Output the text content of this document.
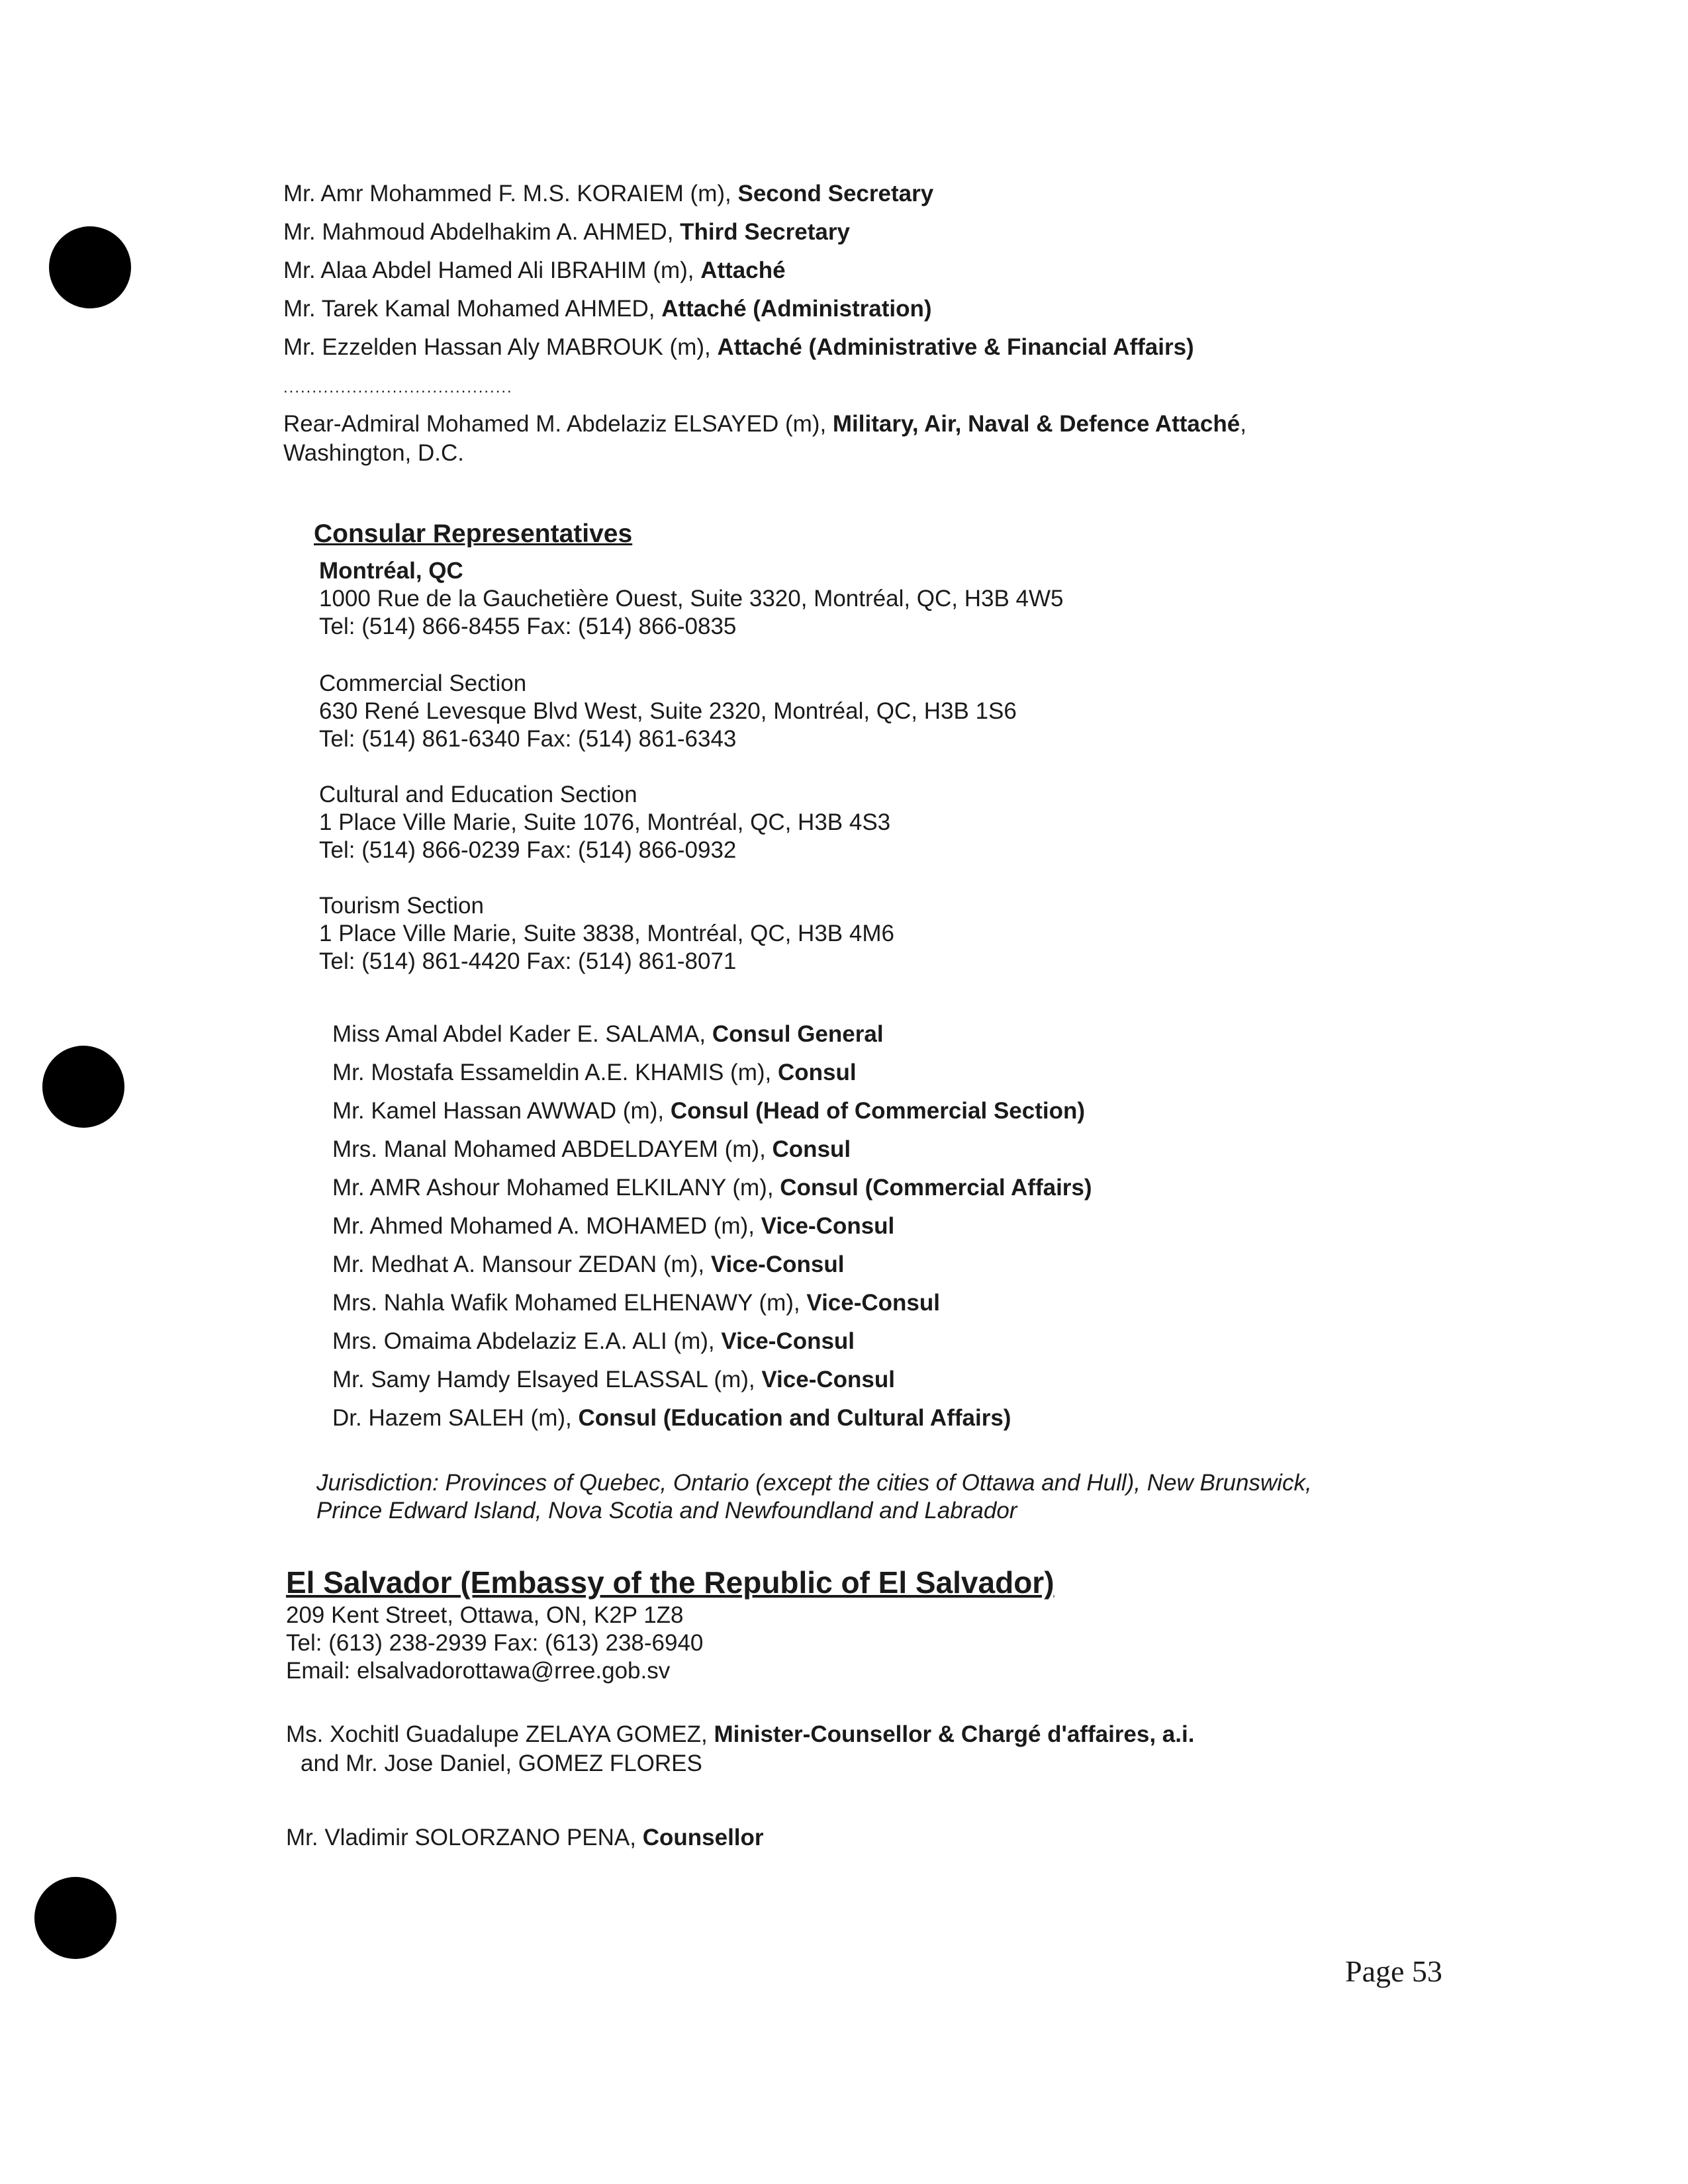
Mr. Amr Mohammed F. M.S. KORAIEM (m), Second Secretary
Mr. Mahmoud Abdelhakim A. AHMED, Third Secretary
Mr. Alaa Abdel Hamed Ali IBRAHIM (m), Attaché
Mr. Tarek Kamal Mohamed AHMED, Attaché (Administration)
Mr. Ezzelden Hassan Aly MABROUK (m), Attaché (Administrative & Financial Affairs)
........................................
Rear-Admiral Mohamed M. Abdelaziz ELSAYED (m), Military, Air, Naval & Defence Attaché,
Washington, D.C.
Consular Representatives
Montréal, QC
1000 Rue de la Gauchetière Ouest, Suite 3320, Montréal, QC, H3B 4W5
Tel: (514) 866-8455 Fax: (514) 866-0835
Commercial Section
630 René Levesque Blvd West, Suite 2320, Montréal, QC, H3B 1S6
Tel: (514) 861-6340 Fax: (514) 861-6343
Cultural and Education Section
1 Place Ville Marie, Suite 1076, Montréal, QC, H3B 4S3
Tel: (514) 866-0239 Fax: (514) 866-0932
Tourism Section
1 Place Ville Marie, Suite 3838, Montréal, QC, H3B 4M6
Tel: (514) 861-4420 Fax: (514) 861-8071
Miss Amal Abdel Kader E. SALAMA, Consul General
Mr. Mostafa Essameldin A.E. KHAMIS (m), Consul
Mr. Kamel Hassan AWWAD (m), Consul (Head of Commercial Section)
Mrs. Manal Mohamed ABDELDAYEM (m), Consul
Mr. AMR Ashour Mohamed ELKILANY (m), Consul (Commercial Affairs)
Mr. Ahmed Mohamed A. MOHAMED (m), Vice-Consul
Mr. Medhat A. Mansour ZEDAN (m), Vice-Consul
Mrs. Nahla Wafik Mohamed ELHENAWY (m), Vice-Consul
Mrs. Omaima Abdelaziz E.A. ALI (m), Vice-Consul
Mr. Samy Hamdy Elsayed ELASSAL (m), Vice-Consul
Dr. Hazem SALEH (m), Consul (Education and Cultural Affairs)
Jurisdiction: Provinces of Quebec, Ontario (except the cities of Ottawa and Hull), New Brunswick,
Prince Edward Island, Nova Scotia and Newfoundland and Labrador
El Salvador (Embassy of the Republic of El Salvador)
209 Kent Street, Ottawa, ON, K2P 1Z8
Tel: (613) 238-2939 Fax: (613) 238-6940
Email: elsalvadorottawa@rree.gob.sv
Ms. Xochitl Guadalupe ZELAYA GOMEZ, Minister-Counsellor & Chargé d'affaires, a.i.
and Mr. Jose Daniel, GOMEZ FLORES
Mr. Vladimir SOLORZANO PENA, Counsellor
Page 53
